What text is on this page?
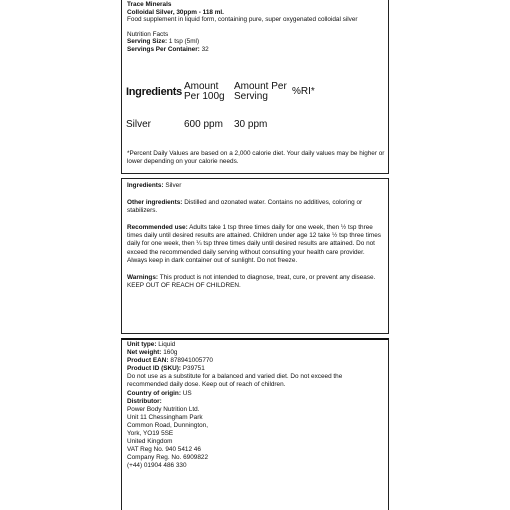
Trace Minerals

Colloidal Silver, 30ppm - 118 ml.

Food supplement in liquid form, containing pure, super oxygenated colloidal silver

Nutrition Facts

Serving Size: 1 tsp (5ml)

Servings Per Container: 32

Ingredients	Amount Per 100g	Amount Per Serving	%RI*

Silver	600 ppm	30 ppm	

*Percent Daily Values are based on a 2,000 calorie diet. Your daily values may be higher or lower depending on your calorie needs.

Ingredients: Silver

Other ingredients: Distilled and ozonated water. Contains no additives, coloring or stabilizers.

Recommended use: Adults take 1 tsp three times daily for one week, then ½ tsp three times daily until desired results are attained. Children under age 12 take ½ tsp three times daily for one week, then ¼ tsp three times daily until desired results are attained. Do not exceed the recommended daily serving without consulting your health care provider. Always keep in dark container out of sunlight. Do not freeze.

Warnings: This product is not intended to diagnose, treat, cure, or prevent any disease. KEEP OUT OF REACH OF CHILDREN.

Unit type: Liquid

Net weight: 160g

Product EAN: 878941005770

Product ID (SKU): P39751

Do not use as a substitute for a balanced and varied diet. Do not exceed the recommended daily dose. Keep out of reach of children.

Country of origin: US

Distributor:

Power Body Nutrition Ltd.
Unit 11 Chessingham Park
Common Road, Dunnington,
York, YO19 5SE
United Kingdom
VAT Reg No. 940 5412 46
Company Reg. No. 6909822
(+44) 01904 486 330
